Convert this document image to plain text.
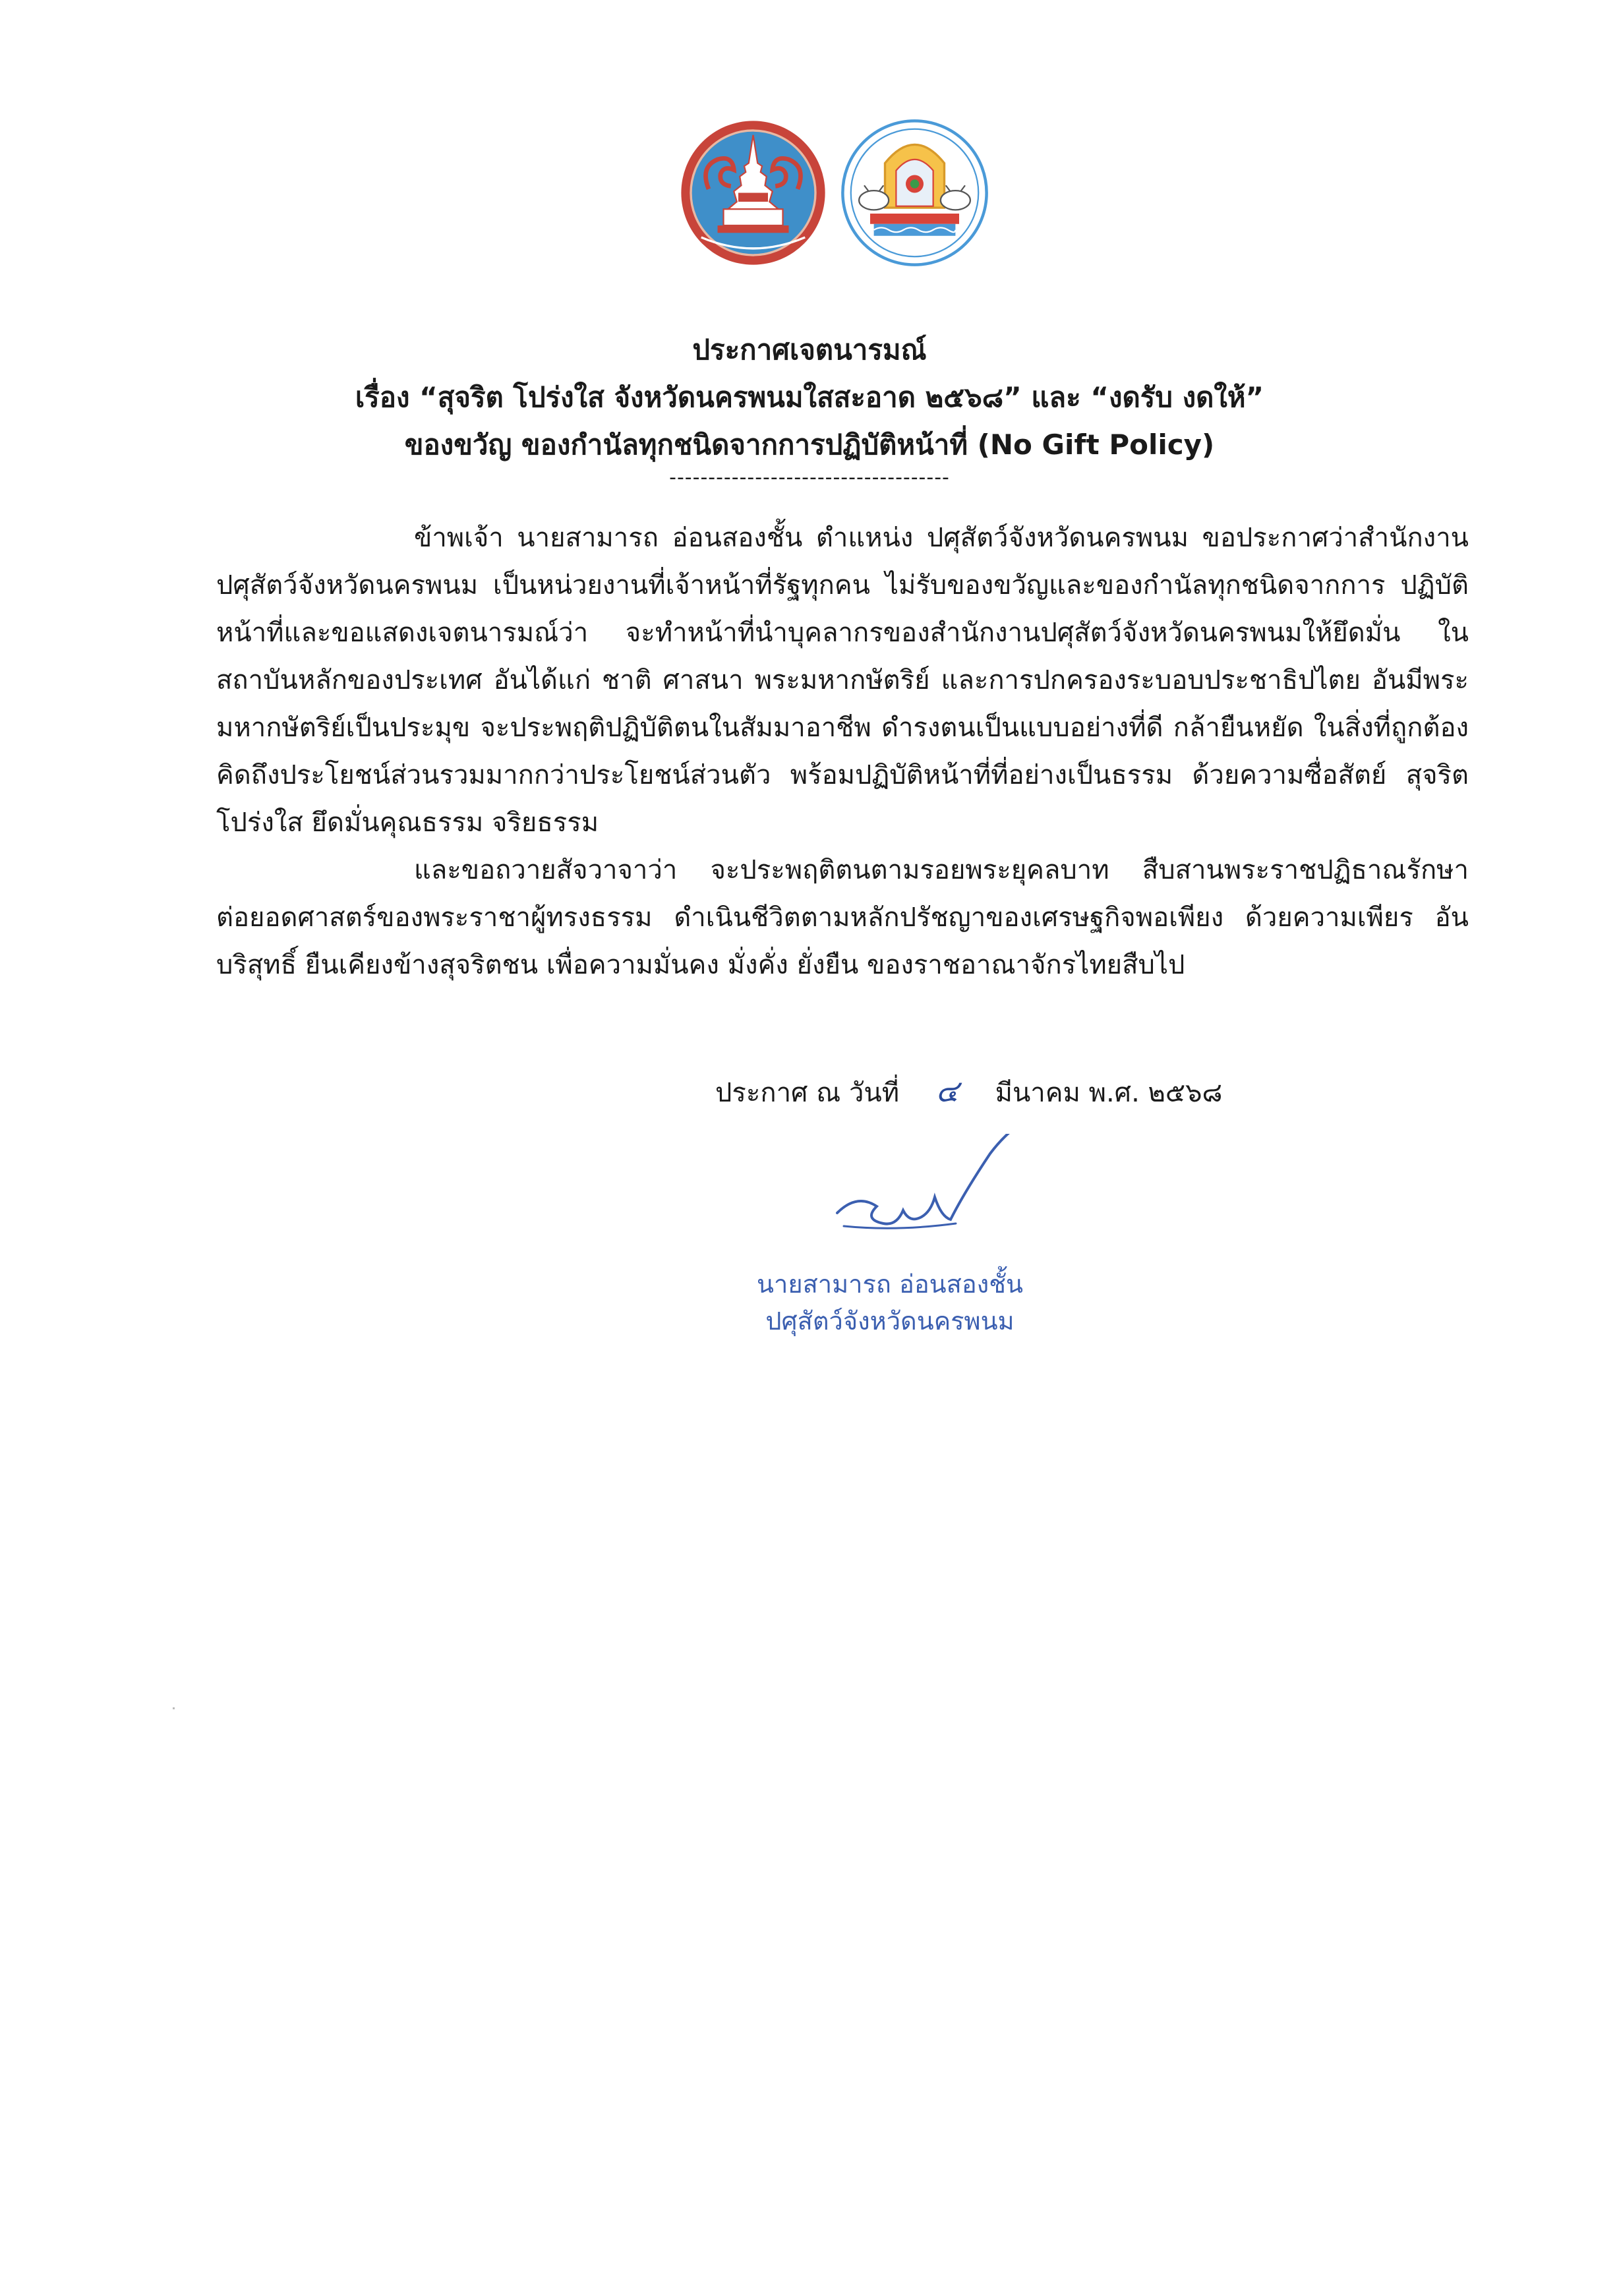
ประกาศเจตนารมณ์
เรื่อง “สุจริต โปร่งใส จังหวัดนครพนมใสสะอาด ๒๕๖๘” และ “งดรับ งดให้”
ของขวัญ ของกำนัลทุกชนิดจากการปฏิบัติหน้าที่ (No Gift Policy)
------------------------------------

ข้าพเจ้า นายสามารถ อ่อนสองชั้น ตำแหน่ง ปศุสัตว์จังหวัดนครพนม ขอประกาศว่าสำนักงาน ปศุสัตว์จังหวัดนครพนม เป็นหน่วยงานที่เจ้าหน้าที่รัฐทุกคน ไม่รับของขวัญและของกำนัลทุกชนิดจากการ ปฏิบัติหน้าที่และขอแสดงเจตนารมณ์ว่า จะทำหน้าที่นำบุคลากรของสำนักงานปศุสัตว์จังหวัดนครพนมให้ยึดมั่น ในสถาบันหลักของประเทศ อันได้แก่ ชาติ ศาสนา พระมหากษัตริย์ และการปกครองระบอบประชาธิปไตย อันมีพระมหากษัตริย์เป็นประมุข จะประพฤติปฏิบัติตนในสัมมาอาชีพ ดำรงตนเป็นแบบอย่างที่ดี กล้ายืนหยัด ในสิ่งที่ถูกต้อง คิดถึงประโยชน์ส่วนรวมมากกว่าประโยชน์ส่วนตัว พร้อมปฏิบัติหน้าที่ที่อย่างเป็นธรรม ด้วยความซื่อสัตย์ สุจริต โปร่งใส ยึดมั่นคุณธรรม จริยธรรม

และขอถวายสัจวาจาว่า จะประพฤติตนตามรอยพระยุคลบาท สืบสานพระราชปฏิธาณรักษา ต่อยอดศาสตร์ของพระราชาผู้ทรงธรรม ดำเนินชีวิตตามหลักปรัชญาของเศรษฐกิจพอเพียง ด้วยความเพียร อันบริสุทธิ์ ยืนเคียงข้างสุจริตชน เพื่อความมั่นคง มั่งคั่ง ยั่งยืน ของราชอาณาจักรไทยสืบไป

ประกาศ ณ วันที่ ๔ มีนาคม พ.ศ. ๒๕๖๘
นายสามารถ อ่อนสองชั้น
ปศุสัตว์จังหวัดนครพนม
